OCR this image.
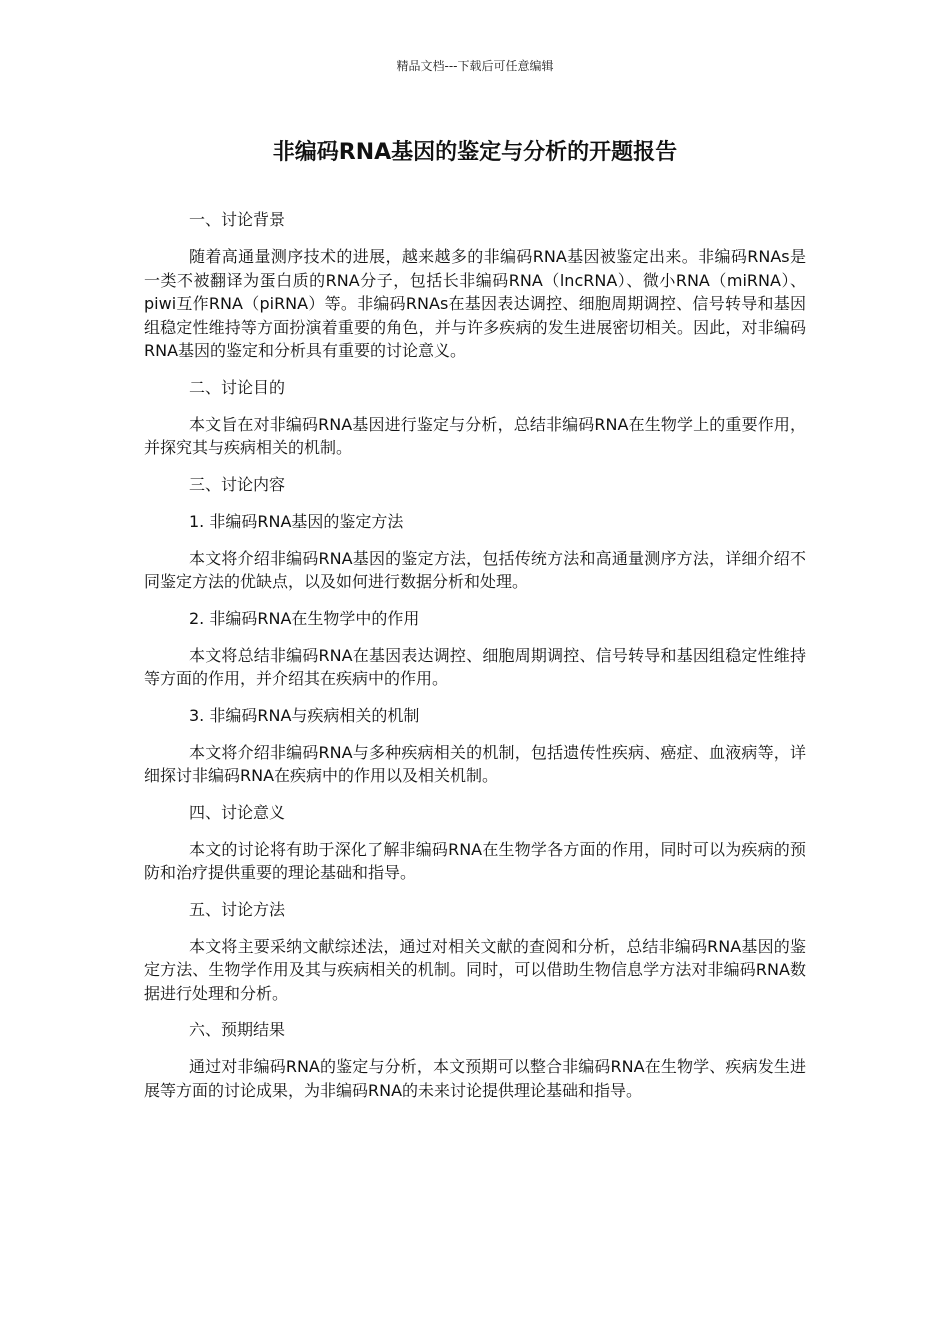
精品文档---下载后可任意编辑
非编码RNA基因的鉴定与分析的开题报告
一、讨论背景
随着高通量测序技术的进展，越来越多的非编码RNA基因被鉴定出来。非编码RNAs是一类不被翻译为蛋白质的RNA分子，包括长非编码RNA（lncRNA）、微小RNA（miRNA）、piwi互作RNA（piRNA）等。非编码RNAs在基因表达调控、细胞周期调控、信号转导和基因组稳定性维持等方面扮演着重要的角色，并与许多疾病的发生进展密切相关。因此，对非编码RNA基因的鉴定和分析具有重要的讨论意义。
二、讨论目的
本文旨在对非编码RNA基因进行鉴定与分析，总结非编码RNA在生物学上的重要作用，并探究其与疾病相关的机制。
三、讨论内容
1. 非编码RNA基因的鉴定方法
本文将介绍非编码RNA基因的鉴定方法，包括传统方法和高通量测序方法，详细介绍不同鉴定方法的优缺点，以及如何进行数据分析和处理。
2. 非编码RNA在生物学中的作用
本文将总结非编码RNA在基因表达调控、细胞周期调控、信号转导和基因组稳定性维持等方面的作用，并介绍其在疾病中的作用。
3. 非编码RNA与疾病相关的机制
本文将介绍非编码RNA与多种疾病相关的机制，包括遗传性疾病、癌症、血液病等，详细探讨非编码RNA在疾病中的作用以及相关机制。
四、讨论意义
本文的讨论将有助于深化了解非编码RNA在生物学各方面的作用，同时可以为疾病的预防和治疗提供重要的理论基础和指导。
五、讨论方法
本文将主要采纳文献综述法，通过对相关文献的查阅和分析，总结非编码RNA基因的鉴定方法、生物学作用及其与疾病相关的机制。同时，可以借助生物信息学方法对非编码RNA数据进行处理和分析。
六、预期结果
通过对非编码RNA的鉴定与分析，本文预期可以整合非编码RNA在生物学、疾病发生进展等方面的讨论成果，为非编码RNA的未来讨论提供理论基础和指导。
